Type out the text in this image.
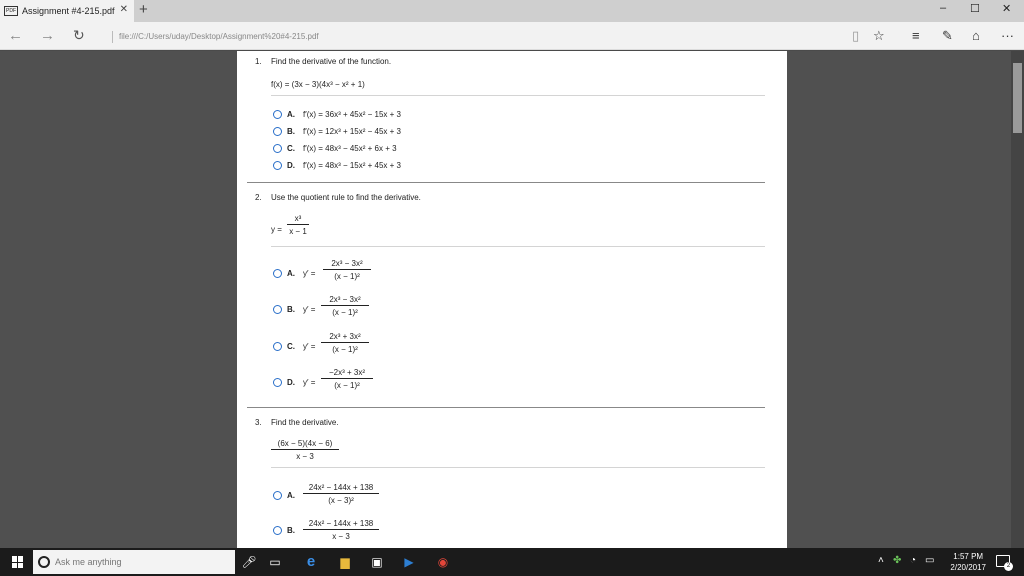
PDF Assignment #4-215.pdf ✕ +	– ☐ ✕
← → ↻	file:///C:/Users/uday/Desktop/Assignment%20#4-215.pdf	▯ ☆ ≡ ✎ ⌂ ···
1. Find the derivative of the function.
f(x) = (3x − 3)(4x³ − x² + 1)
A. f′(x) = 36x³ + 45x² − 15x + 3
B. f′(x) = 12x³ + 15x² − 45x + 3
C. f′(x) = 48x³ − 45x² + 6x + 3
D. f′(x) = 48x³ − 15x² + 45x + 3
2. Use the quotient rule to find the derivative.
$y = \frac{\text{x³}}{x - 1}$
A. $y' = \frac{\text{2x³ − 3x²}}{\text{(x − 1)²}}$
B. $y' = \frac{\text{2x³ − 3x²}}{\text{(x − 1)²}}$
C. $y' = \frac{\text{2x³ + 3x²}}{\text{(x − 1)²}}$
D. $y' = \frac{\text{−2x³ + 3x²}}{\text{(x − 1)²}}$
3. Find the derivative.
$\frac{(6x - 5)(4x - 6)}{x - 3}$
A. $\frac{\text{24x² − 144x + 138}}{\text{(x − 3)²}}$
B. $\frac{\text{24x² − 144x + 138}}{x - 3}$
Ask me anything	🎤︎ ▭	e	▆	▣	▶	◉	˄ ✤ ◔ ▭	1:57 PM
2/20/2017	2
